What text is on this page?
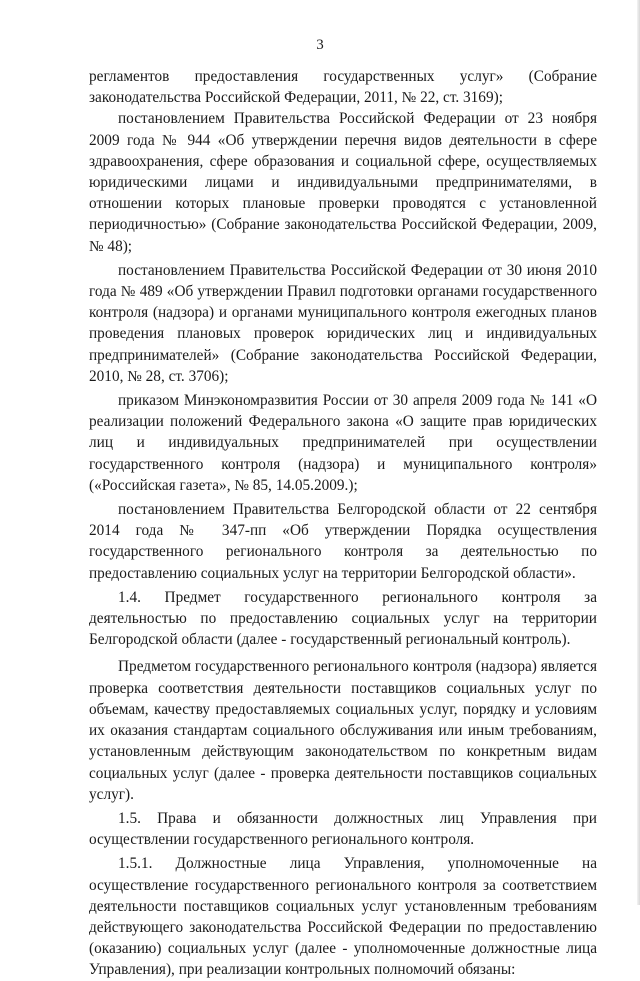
3

регламентов предоставления государственных услуг» (Собрание законодательства Российской Федерации, 2011, № 22, ст. 3169);

постановлением Правительства Российской Федерации от 23 ноября 2009 года № 944 «Об утверждении перечня видов деятельности в сфере здравоохранения, сфере образования и социальной сфере, осуществляемых юридическими лицами и индивидуальными предпринимателями, в отношении которых плановые проверки проводятся с установленной периодичностью» (Собрание законодательства Российской Федерации, 2009, № 48);

постановлением Правительства Российской Федерации от 30 июня 2010 года № 489 «Об утверждении Правил подготовки органами государственного контроля (надзора) и органами муниципального контроля ежегодных планов проведения плановых проверок юридических лиц и индивидуальных предпринимателей» (Собрание законодательства Российской Федерации, 2010, № 28, ст. 3706);

приказом Минэкономразвития России от 30 апреля 2009 года № 141 «О реализации положений Федерального закона «О защите прав юридических лиц и индивидуальных предпринимателей при осуществлении государственного контроля (надзора) и муниципального контроля» («Российская газета», № 85, 14.05.2009.);

постановлением Правительства Белгородской области от 22 сентября 2014 года № 347-пп «Об утверждении Порядка осуществления государственного регионального контроля за деятельностью по предоставлению социальных услуг на территории Белгородской области».

1.4. Предмет государственного регионального контроля за деятельностью по предоставлению социальных услуг на территории Белгородской области (далее - государственный региональный контроль).

Предметом государственного регионального контроля (надзора) является проверка соответствия деятельности поставщиков социальных услуг по объемам, качеству предоставляемых социальных услуг, порядку и условиям их оказания стандартам социального обслуживания или иным требованиям, установленным действующим законодательством по конкретным видам социальных услуг (далее - проверка деятельности поставщиков социальных услуг).

1.5. Права и обязанности должностных лиц Управления при осуществлении государственного регионального контроля.

1.5.1. Должностные лица Управления, уполномоченные на осуществление государственного регионального контроля за соответствием деятельности поставщиков социальных услуг установленным требованиям действующего законодательства Российской Федерации по предоставлению (оказанию) социальных услуг (далее - уполномоченные должностные лица Управления), при реализации контрольных полномочий обязаны:
